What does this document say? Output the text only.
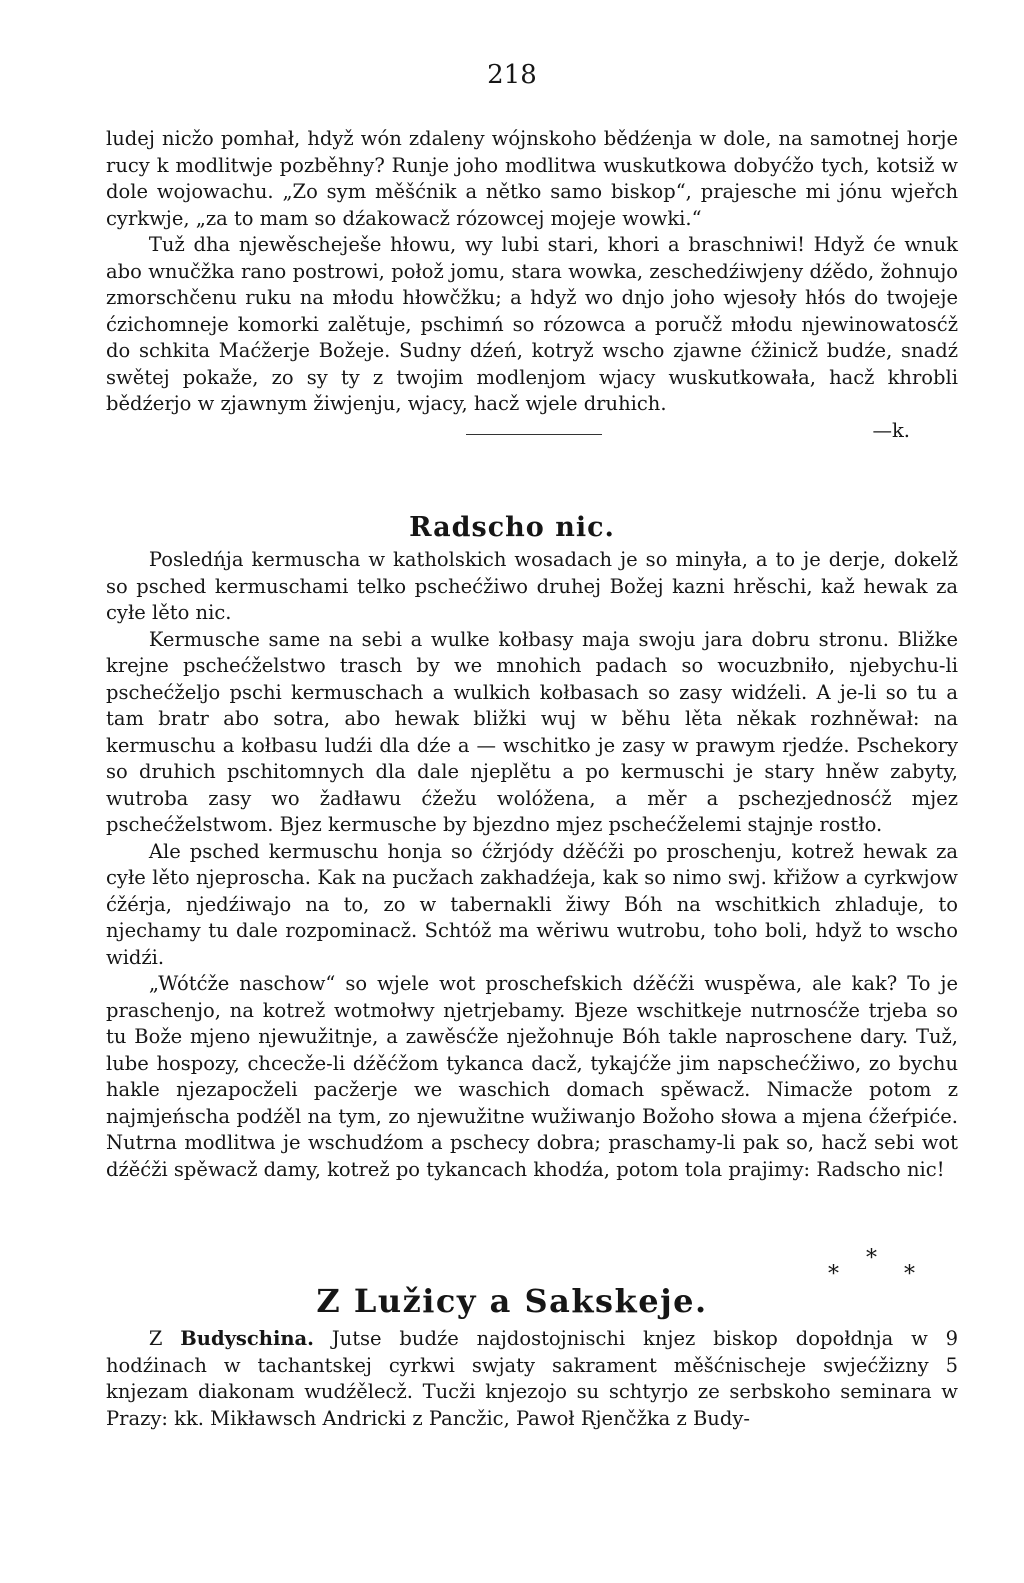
218

ludej nicžo pomhał, hdyž wón zdaleny wójnskoho bědźenja w dole, na samotnej horje rucy k modlitwje pozběhny? Runje joho modlitwa wuskutkowa dobyćžo tych, kotsiž w dole wojowachu. „Zo sym měšćnik a nětko samo biskop“, prajesche mi jónu wjeřch cyrkwje, „za to mam so dźakowacž rózowcej mojeje wowki.“

Tuž dha njewěscheješe hłowu, wy lubi stari, khori a braschniwi! Hdyž će wnuk abo wnučžka rano postrowi, połož jomu, stara wowka, zeschedźiwjeny dźědo, žohnujo zmorschčenu ruku na młodu hłowčžku; a hdyž wo dnjo joho wjesoły hłós do twojeje ćzichomneje komorki zalětuje, pschimń so rózowca a poručž młodu njewinowatosćž do schkita Maćžerje Božeje. Sudny dźeń, kotryž wscho zjawne ćžinicž budźe, snadź swětej pokaže, zo sy ty z twojim modlenjom wjacy wuskutkowała, hacž khrobli bědźerjo w zjawnym žiwjenju, wjacy, hacž wjele druhich.

—k.
Radscho nic.

Posledńja kermuscha w katholskich wosadach je so minyła, a to je derje, dokelž so psched kermuschami telko pschećžiwo druhej Božej kazni hrěschi, kaž hewak za cyłe lěto nic.

Kermusche same na sebi a wulke kołbasy maja swoju jara dobru stronu. Bližke krejne pschećželstwo trasch by we mnohich padach so wocuzbniło, njebychu-li pschećželjo pschi kermuschach a wulkich kołbasach so zasy widźeli. A je-li so tu a tam bratr abo sotra, abo hewak bližki wuj w běhu lěta někak rozhněwał: na kermuschu a kołbasu ludźi dla dźe a — wschitko je zasy w prawym rjedźe. Pschekory so druhich pschitomnych dla dale njeplětu a po kermuschi je stary hněw zabyty, wutroba zasy wo žadławu ćžežu wolóžena, a měr a pschezjednosćž mjez pschećželstwom. Bjez kermusche by bjezdno mjez pschećželemi stajnje rostło.

Ale psched kermuschu honja so ćžrjódy dźěćži po proschenju, kotrež hewak za cyłe lěto njeproscha. Kak na pucžach zakhadźeja, kak so nimo swj. křižow a cyrkwjow ćžérja, njedźiwajo na to, zo w tabernakli žiwy Bóh na wschitkich zhladuje, to njechamy tu dale rozpominacž. Schtóž ma wěriwu wutrobu, toho boli, hdyž to wscho widźi.

„Wótćže naschow“ so wjele wot proschefskich dźěćži wuspěwa, ale kak? To je praschenjo, na kotrež wotmołwy njetrjebamy. Bjeze wschitkeje nutrnosćže trjeba so tu Bože mjeno njewužitnje, a zawěsćže nježohnuje Bóh takle naproschene dary. Tuž, lube hospozy, chcecže-li dźěćžom tykanca dacž, tykajćže jim napschećžiwo, zo bychu hakle njezapocželi pacžerje we waschich domach spěwacž. Nimacže potom z najmjeńscha podźěl na tym, zo njewužitne wužiwanjo Božoho słowa a mjena ćžeŕpiće. Nutrna modlitwa je wschudźom a pschecy dobra; praschamy-li pak so, hacž sebi wot dźěćži spěwacž damy, kotrež po tykancach khodźa, potom tola prajimy: Radscho nic!

*
*	*
Z Lužicy a Sakskeje.

Z Budyschina. Jutse budźe najdostojnischi knjez biskop dopołdnja w 9 hodźinach w tachantskej cyrkwi swjaty sakrament měšćnischeje swjećžizny 5 knjezam diakonam wudźělecž. Tucži knjezojo su schtyrjo ze serbskoho seminara w Prazy: kk. Mikławsch Andricki z Pancžic, Pawoł Rjenčžka z Budy-
